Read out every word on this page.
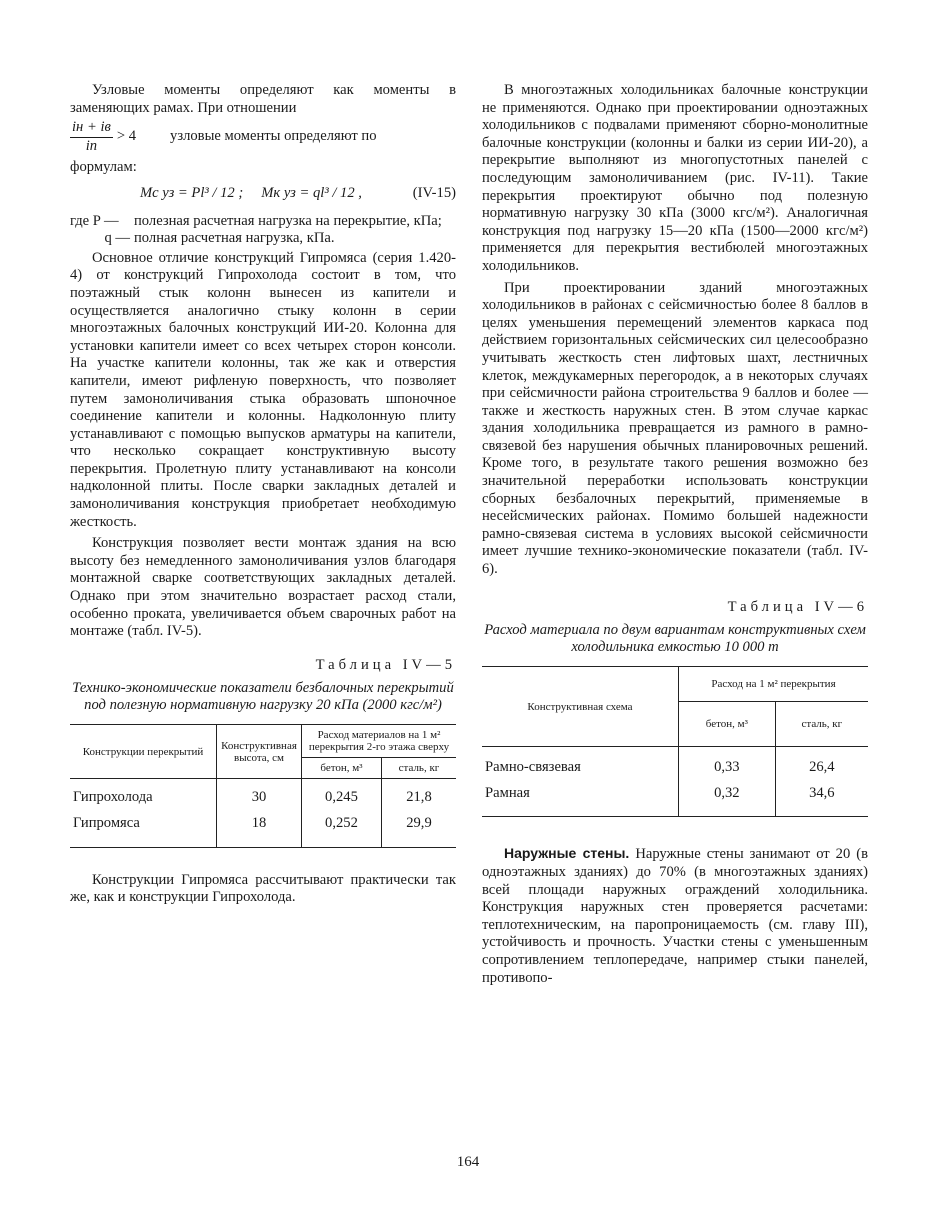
Узловые моменты определяют как моменты в заменяющих рамах. При отношении

$\frac{iн + iв}{iп} > 4$ узловые моменты определяют по

формулам:

Mс уз = Pl³ / 12 ; Mк уз = ql³ / 12 ,	(IV-15)
где P —	полезная расчетная нагрузка на перекрытие, кПа;
q — полная расчетная нагрузка, кПа.

Основное отличие конструкций Гипромяса (серия 1.420-4) от конструкций Гипрохолода состоит в том, что поэтажный стык колонн вынесен из капители и осуществляется аналогично стыку колонн в серии многоэтажных балочных конструкций ИИ-20. Колонна для установки капители имеет со всех четырех сторон консоли. На участке капители колонны, так же как и отверстия капители, имеют рифленую поверхность, что позволяет путем замоноличивания стыка образовать шпоночное соединение капители и колонны. Надколонную плиту устанавливают с помощью выпусков арматуры на капители, что несколько сокращает конструктивную высоту перекрытия. Пролетную плиту устанавливают на консоли надколонной плиты. После сварки закладных деталей и замоноличивания конструкция приобретает необходимую жесткость.

Конструкция позволяет вести монтаж здания на всю высоту без немедленного замоноличивания узлов благодаря монтажной сварке соответствующих закладных деталей. Однако при этом значительно возрастает расход стали, особенно проката, увеличивается объем сварочных работ на монтаже (табл. IV-5).

Таблица IV—5
Технико-экономические показатели безбалочных перекрытий под полезную нормативную нагрузку 20 кПа (2000 кгс/м²)
Конструкции перекрытий	Конструктивная высота, см	Расход материалов на 1 м² перекрытия 2-го этажа сверху	
		бетон, м³	сталь, кг
Гипрохолода	30	0,245	21,8
Гипромяса	18	0,252	29,9

Конструкции Гипромяса рассчитывают практически так же, как и конструкции Гипрохолода.

В многоэтажных холодильниках балочные конструкции не применяются. Однако при проектировании одноэтажных холодильников с подвалами применяют сборно-монолитные балочные конструкции (колонны и балки из серии ИИ-20), а перекрытие выполняют из многопустотных панелей с последующим замоноличиванием (рис. IV-11). Такие перекрытия проектируют обычно под полезную нормативную нагрузку 30 кПа (3000 кгс/м²). Аналогичная конструкция под нагрузку 15—20 кПа (1500—2000 кгс/м²) применяется для перекрытия вестибюлей многоэтажных холодильников.

При проектировании зданий многоэтажных холодильников в районах с сейсмичностью более 8 баллов в целях уменьшения перемещений элементов каркаса под действием горизонтальных сейсмических сил целесообразно учитывать жесткость стен лифтовых шахт, лестничных клеток, междукамерных перегородок, а в некоторых случаях при сейсмичности района строительства 9 баллов и более — также и жесткость наружных стен. В этом случае каркас здания холодильника превращается из рамного в рамно-связевой без нарушения обычных планировочных решений. Кроме того, в результате такого решения возможно без значительной переработки использовать конструкции сборных безбалочных перекрытий, применяемые в несейсмических районах. Помимо большей надежности рамно-связевая система в условиях высокой сейсмичности имеет лучшие технико-экономические показатели (табл. IV-6).

Таблица IV—6
Расход материала по двум вариантам конструктивных схем холодильника емкостью 10 000 т
Конструктивная схема	Расход на 1 м² перекрытия	
	бетон, м³	сталь, кг
Рамно-связевая	0,33	26,4
Рамная	0,32	34,6

Наружные стены. Наружные стены занимают от 20 (в одноэтажных зданиях) до 70% (в многоэтажных зданиях) всей площади наружных ограждений холодильника. Конструкция наружных стен проверяется расчетами: теплотехническим, на паропроницаемость (см. главу III), устойчивость и прочность. Участки стены с уменьшенным сопротивлением теплопередаче, например стыки панелей, противопо-

164
